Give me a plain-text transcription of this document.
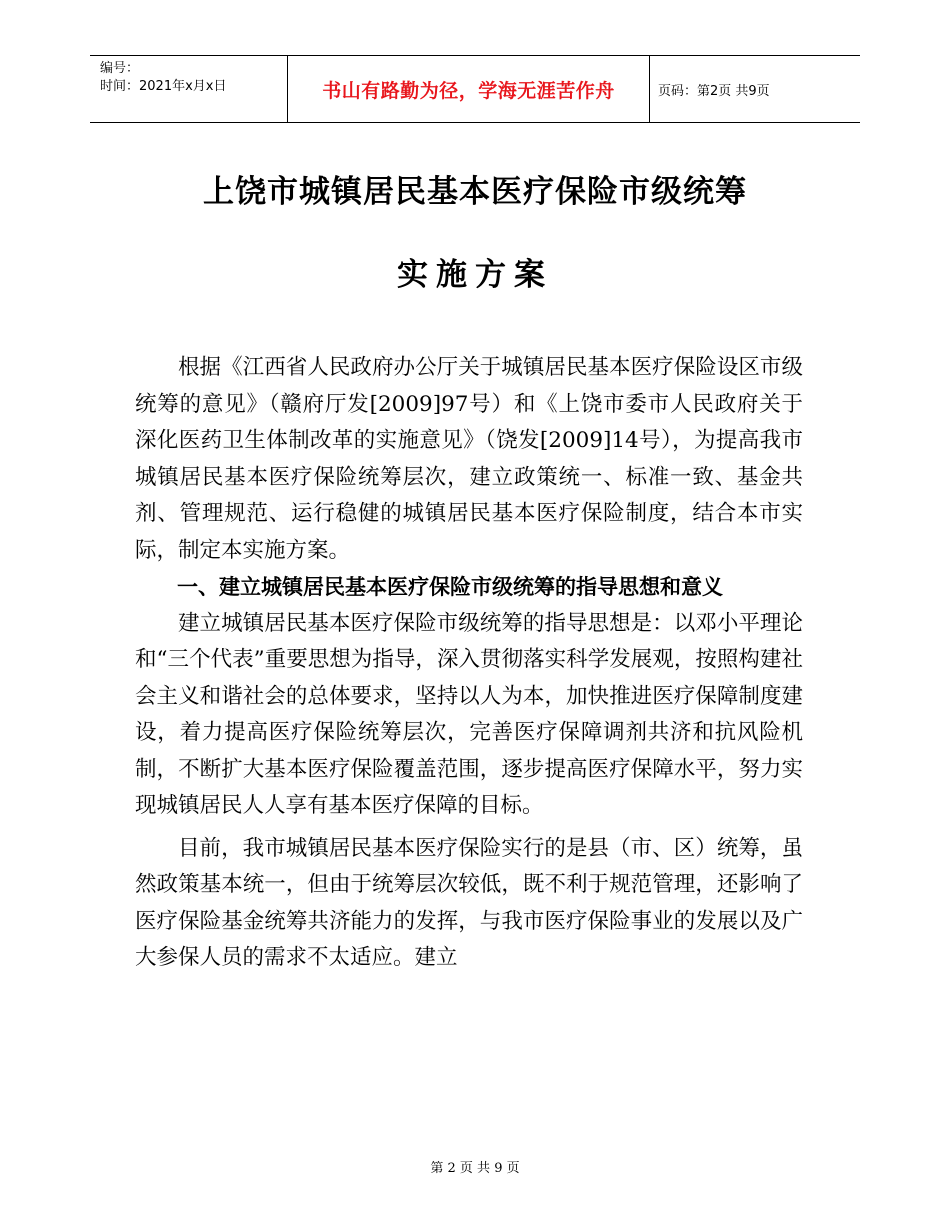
编号：
时间：2021年x月x日	书山有路勤为径，学海无涯苦作舟	页码：第2页 共9页
上饶市城镇居民基本医疗保险市级统筹
实施方案

根据《江西省人民政府办公厅关于城镇居民基本医疗保险设区市级统筹的意见》（赣府厅发[2009]97号）和《上饶市委市人民政府关于深化医药卫生体制改革的实施意见》（饶发[2009]14号），为提高我市城镇居民基本医疗保险统筹层次，建立政策统一、标准一致、基金共剂、管理规范、运行稳健的城镇居民基本医疗保险制度，结合本市实际，制定本实施方案。

一、建立城镇居民基本医疗保险市级统筹的指导思想和意义

建立城镇居民基本医疗保险市级统筹的指导思想是：以邓小平理论和“三个代表”重要思想为指导，深入贯彻落实科学发展观，按照构建社会主义和谐社会的总体要求，坚持以人为本，加快推进医疗保障制度建设，着力提高医疗保险统筹层次，完善医疗保障调剂共济和抗风险机制，不断扩大基本医疗保险覆盖范围，逐步提高医疗保障水平，努力实现城镇居民人人享有基本医疗保障的目标。

目前，我市城镇居民基本医疗保险实行的是县（市、区）统筹，虽然政策基本统一，但由于统筹层次较低，既不利于规范管理，还影响了医疗保险基金统筹共济能力的发挥，与我市医疗保险事业的发展以及广大参保人员的需求不太适应。建立

第 2 页 共 9 页
